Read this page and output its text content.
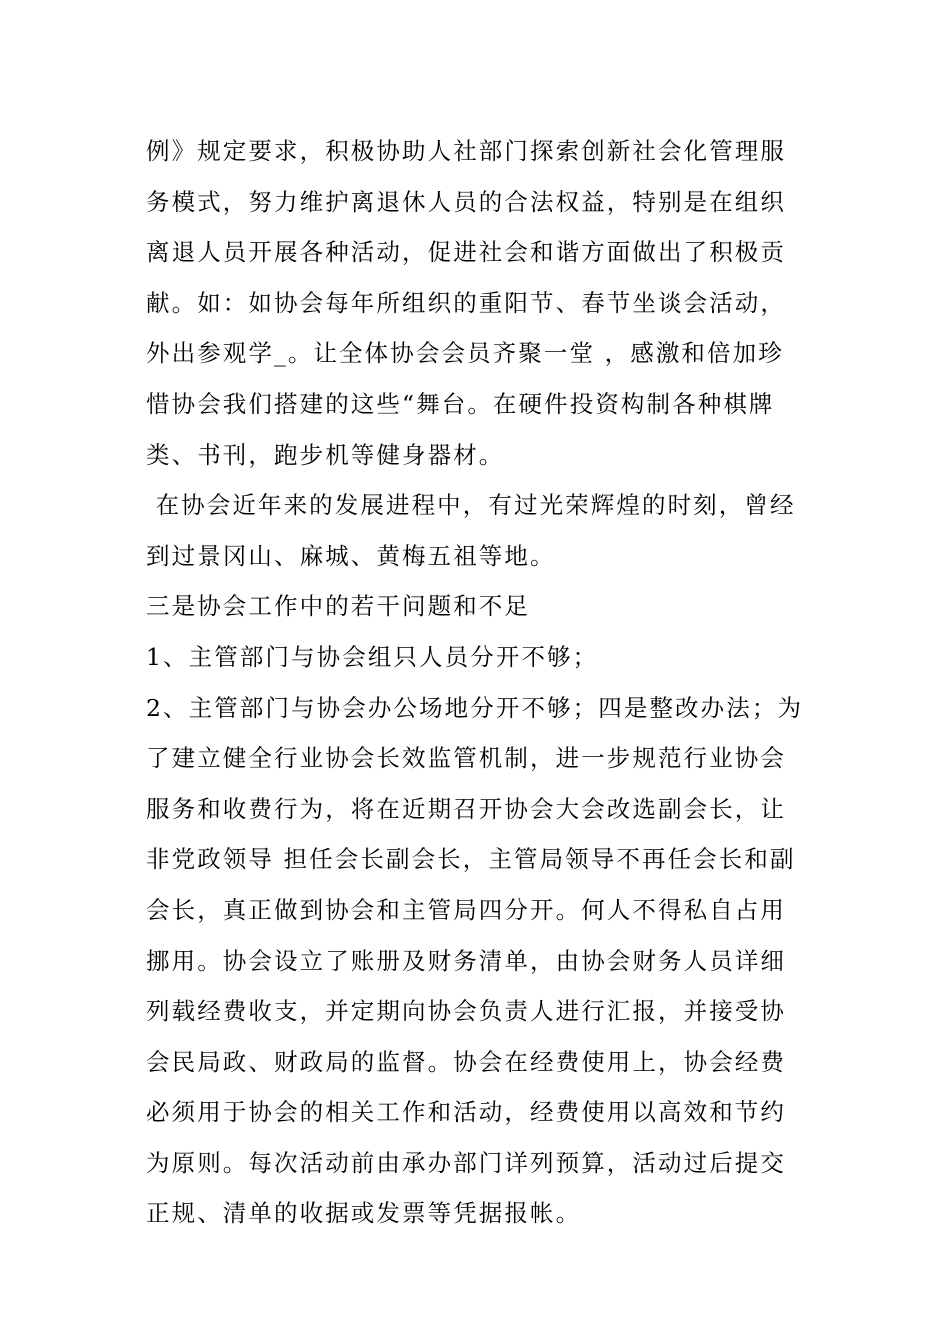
例》规定要求，积极协助人社部门探索创新社会化管理服
务模式，努力维护离退休人员的合法权益，特别是在组织
离退人员开展各种活动，促进社会和谐方面做出了积极贡
献。如：如协会每年所组织的重阳节、春节坐谈会活动，
外出参观学_。让全体协会会员齐聚一堂 ，感激和倍加珍
惜协会我们搭建的这些“舞台。在硬件投资构制各种棋牌
类、书刊，跑步机等健身器材。
在协会近年来的发展进程中，有过光荣辉煌的时刻，曾经
到过景冈山、麻城、黄梅五祖等地。
三是协会工作中的若干问题和不足
1、主管部门与协会组只人员分开不够；
2、主管部门与协会办公场地分开不够；四是整改办法；为
了建立健全行业协会长效监管机制，进一步规范行业协会
服务和收费行为，将在近期召开协会大会改选副会长，让
非党政领导 担任会长副会长，主管局领导不再任会长和副
会长，真正做到协会和主管局四分开。何人不得私自占用
挪用。协会设立了账册及财务清单，由协会财务人员详细
列载经费收支，并定期向协会负责人进行汇报，并接受协
会民局政、财政局的监督。协会在经费使用上，协会经费
必须用于协会的相关工作和活动，经费使用以高效和节约
为原则。每次活动前由承办部门详列预算，活动过后提交
正规、清单的收据或发票等凭据报帐。
